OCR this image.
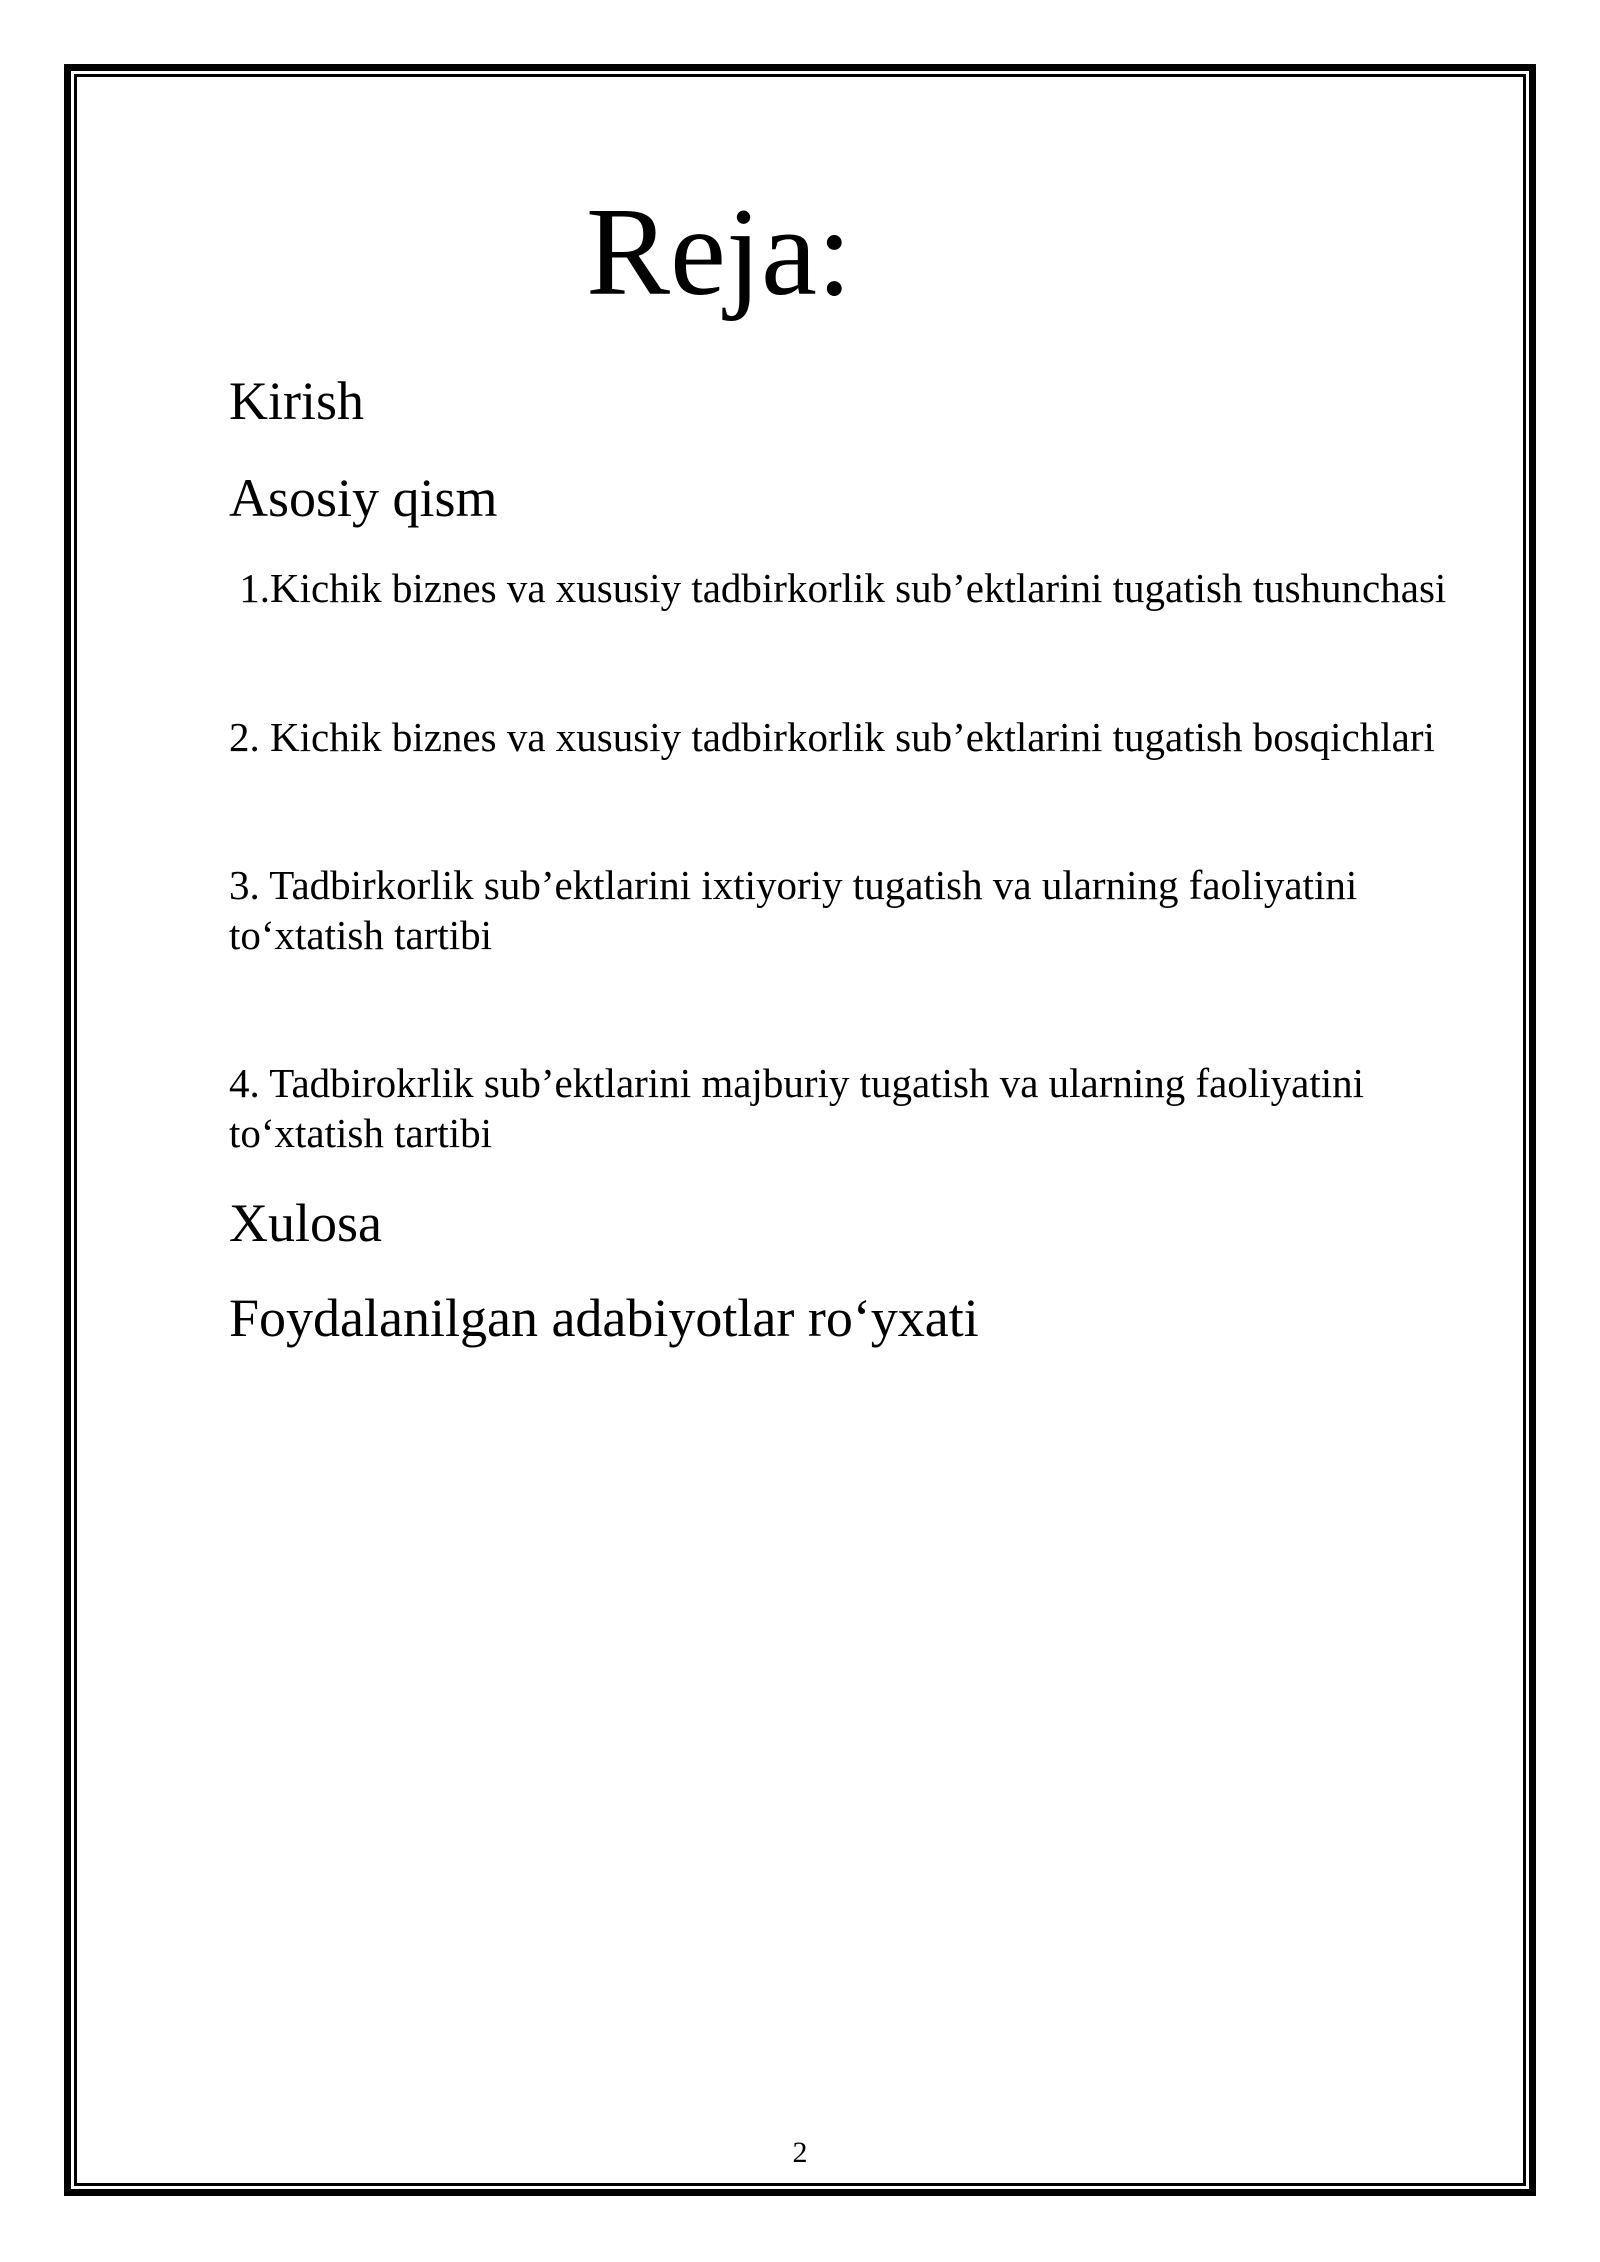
Reja:

Kirish

Asosiy qism

1.Kichik biznes va xususiy tadbirkorlik sub’ektlarini tugatish tushunchasi

2. Kichik biznes va xususiy tadbirkorlik sub’ektlarini tugatish bosqichlari

3. Tadbirkorlik sub’ektlarini ixtiyoriy tugatish va ularning faoliyatini to‘xtatish tartibi

4. Tadbirokrlik sub’ektlarini majburiy tugatish va ularning faoliyatini to‘xtatish tartibi

Xulosa

Foydalanilgan adabiyotlar ro‘yxati

2
